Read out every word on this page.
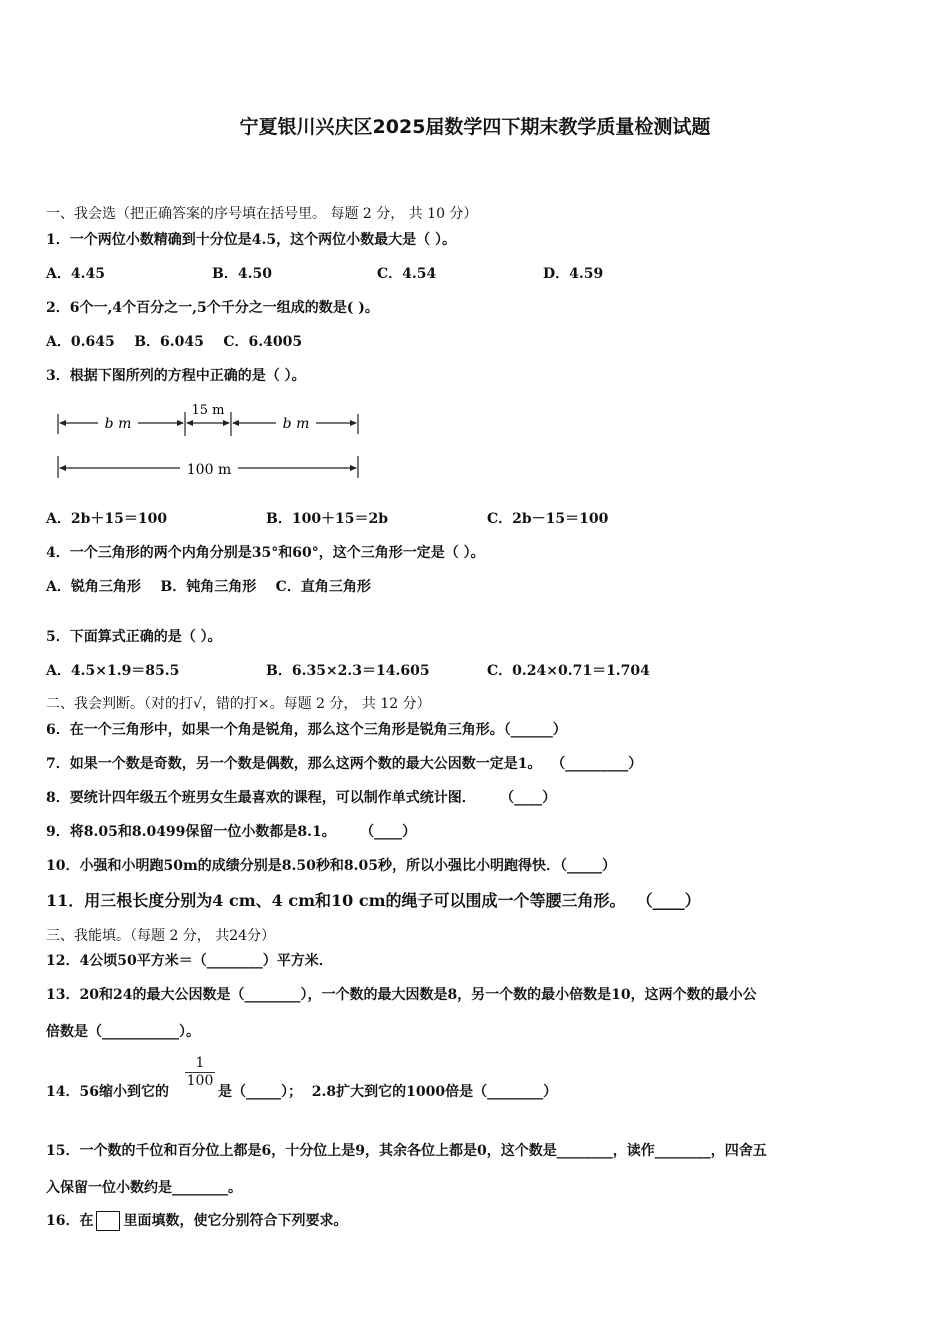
宁夏银川兴庆区2025届数学四下期末教学质量检测试题
一、我会选（把正确答案的序号填在括号里。 每题 2 分， 共 10 分）
1．一个两位小数精确到十分位是4.5，这个两位小数最大是（ ）。
A．4.45	B．4.50	C．4.54	D．4.59
2．6个一,4个百分之一,5个千分之一组成的数是( )。
A．0.645    B．6.045    C．6.4005
3．根据下图所列的方程中正确的是（ ）。
b m
15 m
b m
100 m
A．2b＋15＝100	B．100＋15＝2b	C．2b－15＝100
4．一个三角形的两个内角分别是35°和60°，这个三角形一定是（ ）。
A．锐角三角形    B．钝角三角形    C．直角三角形
5．下面算式正确的是（ ）。
A．4.5×1.9＝85.5	B．6.35×2.3＝14.605	C．0.24×0.71＝1.704
二、我会判断。（对的打√，错的打×。每题 2 分， 共 12 分）
6．在一个三角形中，如果一个角是锐角，那么这个三角形是锐角三角形。（______）
7．如果一个数是奇数，另一个数是偶数，那么这两个数的最大公因数一定是1。  （_________）
8．要统计四年级五个班男女生最喜欢的课程，可以制作单式统计图．     （____）
9．将8.05和8.0499保留一位小数都是8.1。     （____）
10．小强和小明跑50m的成绩分别是8.50秒和8.05秒，所以小强比小明跑得快．（_____）
11．用三根长度分别为4 cm、4 cm和10 cm的绳子可以围成一个等腰三角形。  （____）
三、我能填。（每题 2 分， 共24分）
12．4公顷50平方米＝（________）平方米．
13．20和24的最大公因数是（________），一个数的最大因数是8，另一个数的最小倍数是10，这两个数的最小公
倍数是（___________）。
14．56缩小到它的
$\frac{1}{100}$
是（_____）；  2.8扩大到它的1000倍是（________）
15．一个数的千位和百分位上都是6，十分位上是9，其余各位上都是0，这个数是________，读作________，四舍五
入保留一位小数约是________。
16．在 里面填数，使它分别符合下列要求。
